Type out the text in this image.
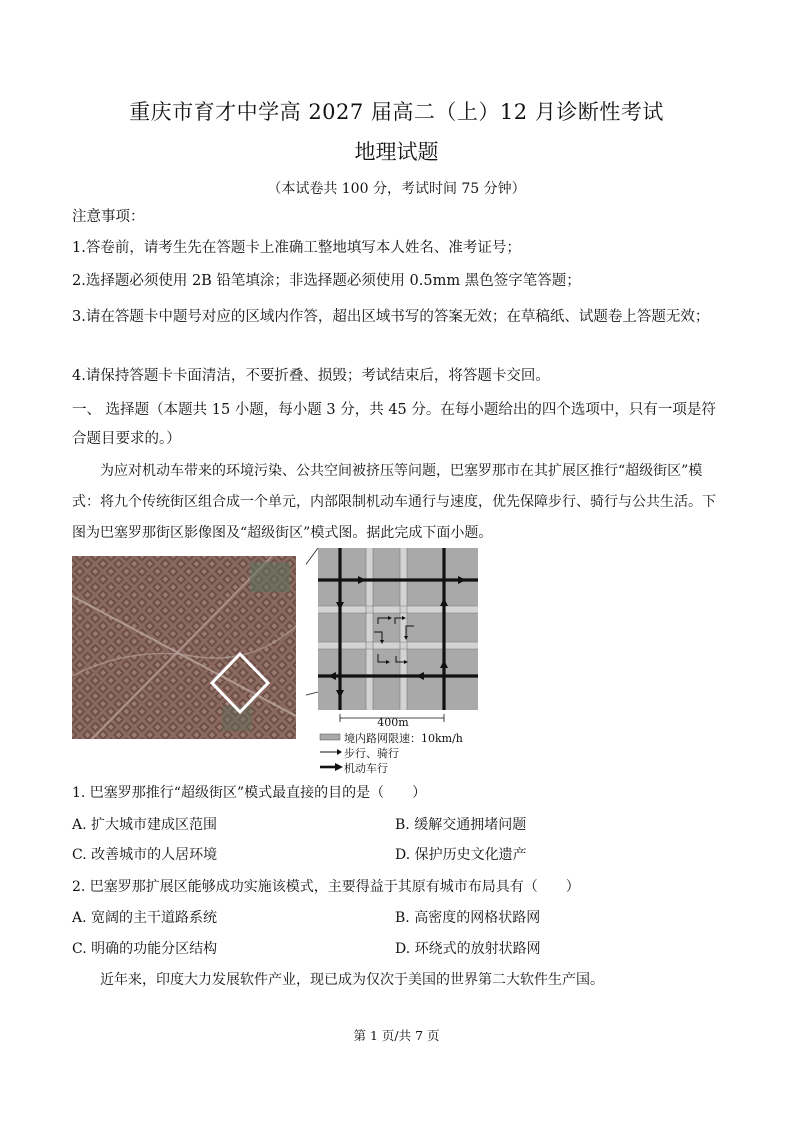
重庆市育才中学高 2027 届高二（上）12 月诊断性考试
地理试题
（本试卷共 100 分，考试时间 75 分钟）
注意事项：
1.答卷前，请考生先在答题卡上准确工整地填写本人姓名、准考证号；
2.选择题必须使用 2B 铅笔填涂；非选择题必须使用 0.5mm 黑色签字笔答题；
3.请在答题卡中题号对应的区域内作答，超出区域书写的答案无效；在草稿纸、试题卷上答题无效；
4.请保持答题卡卡面清洁，不要折叠、损毁；考试结束后，将答题卡交回。
一、 选择题（本题共 15 小题，每小题 3 分，共 45 分。在每小题给出的四个选项中，只有一项是符合题目要求的。）
为应对机动车带来的环境污染、公共空间被挤压等问题，巴塞罗那市在其扩展区推行“超级街区”模式：将九个传统街区组合成一个单元，内部限制机动车通行与速度，优先保障步行、骑行与公共生活。下图为巴塞罗那街区影像图及“超级街区”模式图。据此完成下面小题。
400m
境内路网限速：10km/h
步行、骑行
机动车行
1. 巴塞罗那推行“超级街区”模式最直接的目的是（　　）
A. 扩大城市建成区范围	B. 缓解交通拥堵问题
C. 改善城市的人居环境	D. 保护历史文化遗产
2. 巴塞罗那扩展区能够成功实施该模式，主要得益于其原有城市布局具有（　　）
A. 宽阔的主干道路系统	B. 高密度的网格状路网
C. 明确的功能分区结构	D. 环绕式的放射状路网
近年来，印度大力发展软件产业，现已成为仅次于美国的世界第二大软件生产国。
第 1 页/共 7 页
